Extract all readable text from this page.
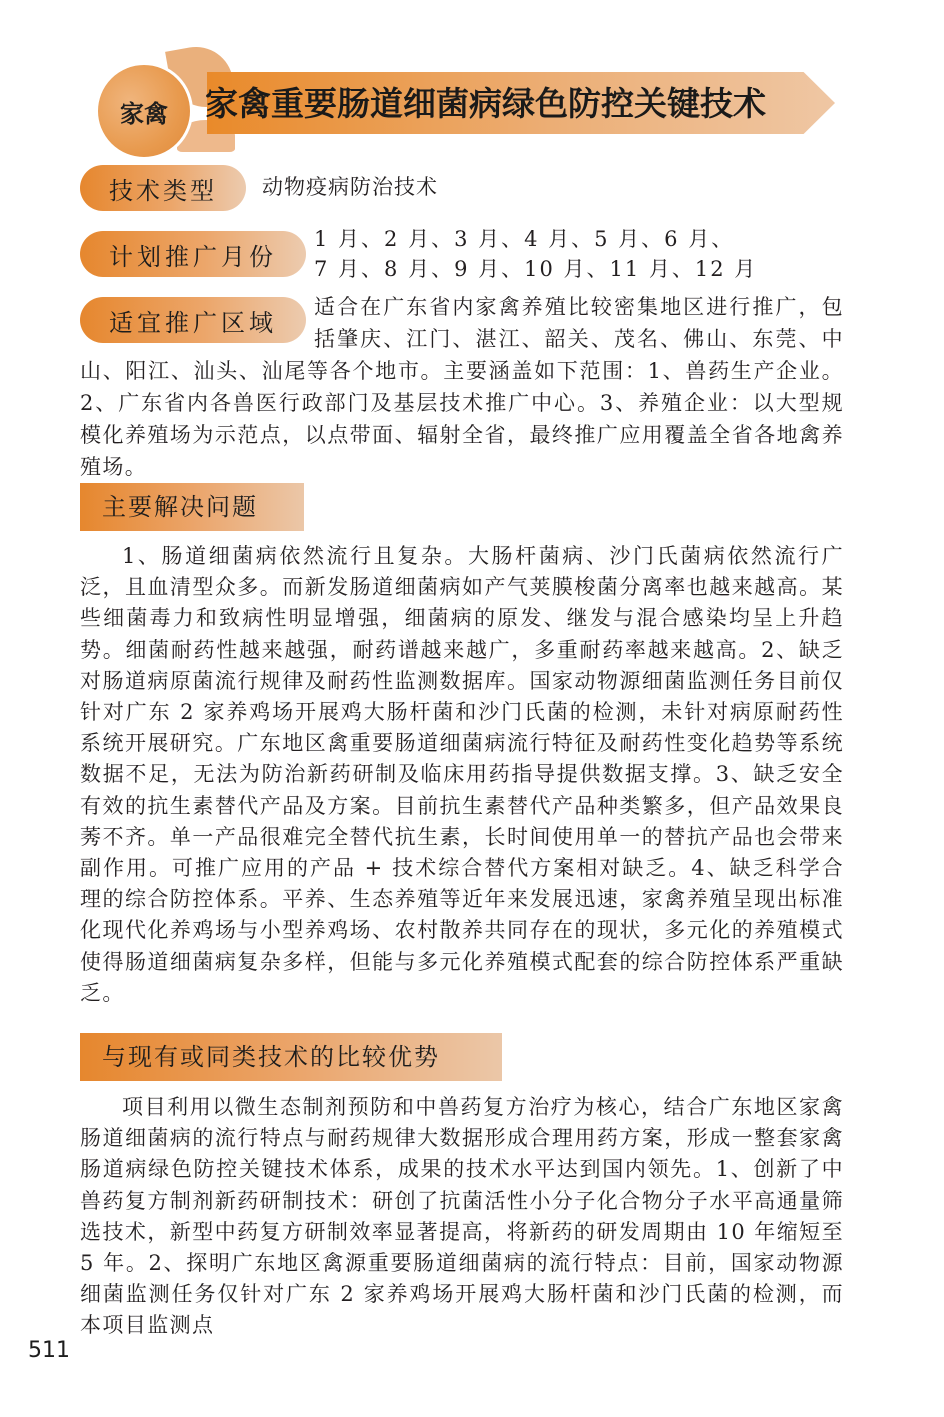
家禽	家禽重要肠道细菌病绿色防控关键技术
技术类型	动物疫病防治技术
计划推广月份
1 月、2 月、3 月、4 月、5 月、6 月、
7 月、8 月、9 月、10 月、11 月、12 月
适宜推广区域
适合在广东省内家禽养殖比较密集地区进行推广，包括肇庆、江门、湛江、韶关、茂名、佛山、东莞、中山、阳江、汕头、汕尾等各个地市。主要涵盖如下范围：1、兽药生产企业。2、广东省内各兽医行政部门及基层技术推广中心。3、养殖企业：以大型规模化养殖场为示范点，以点带面、辐射全省，最终推广应用覆盖全省各地禽养殖场。
主要解决问题
1、肠道细菌病依然流行且复杂。大肠杆菌病、沙门氏菌病依然流行广泛，且血清型众多。而新发肠道细菌病如产气荚膜梭菌分离率也越来越高。某些细菌毒力和致病性明显增强，细菌病的原发、继发与混合感染均呈上升趋势。细菌耐药性越来越强，耐药谱越来越广，多重耐药率越来越高。2、缺乏对肠道病原菌流行规律及耐药性监测数据库。国家动物源细菌监测任务目前仅针对广东 2 家养鸡场开展鸡大肠杆菌和沙门氏菌的检测，未针对病原耐药性系统开展研究。广东地区禽重要肠道细菌病流行特征及耐药性变化趋势等系统数据不足，无法为防治新药研制及临床用药指导提供数据支撑。3、缺乏安全有效的抗生素替代产品及方案。目前抗生素替代产品种类繁多，但产品效果良莠不齐。单一产品很难完全替代抗生素，长时间使用单一的替抗产品也会带来副作用。可推广应用的产品 + 技术综合替代方案相对缺乏。4、缺乏科学合理的综合防控体系。平养、生态养殖等近年来发展迅速，家禽养殖呈现出标准化现代化养鸡场与小型养鸡场、农村散养共同存在的现状，多元化的养殖模式使得肠道细菌病复杂多样，但能与多元化养殖模式配套的综合防控体系严重缺乏。
与现有或同类技术的比较优势
项目利用以微生态制剂预防和中兽药复方治疗为核心，结合广东地区家禽肠道细菌病的流行特点与耐药规律大数据形成合理用药方案，形成一整套家禽肠道病绿色防控关键技术体系，成果的技术水平达到国内领先。1、创新了中兽药复方制剂新药研制技术：研创了抗菌活性小分子化合物分子水平高通量筛选技术，新型中药复方研制效率显著提高，将新药的研发周期由 10 年缩短至 5 年。2、探明广东地区禽源重要肠道细菌病的流行特点：目前，国家动物源细菌监测任务仅针对广东 2 家养鸡场开展鸡大肠杆菌和沙门氏菌的检测，而本项目监测点
511
